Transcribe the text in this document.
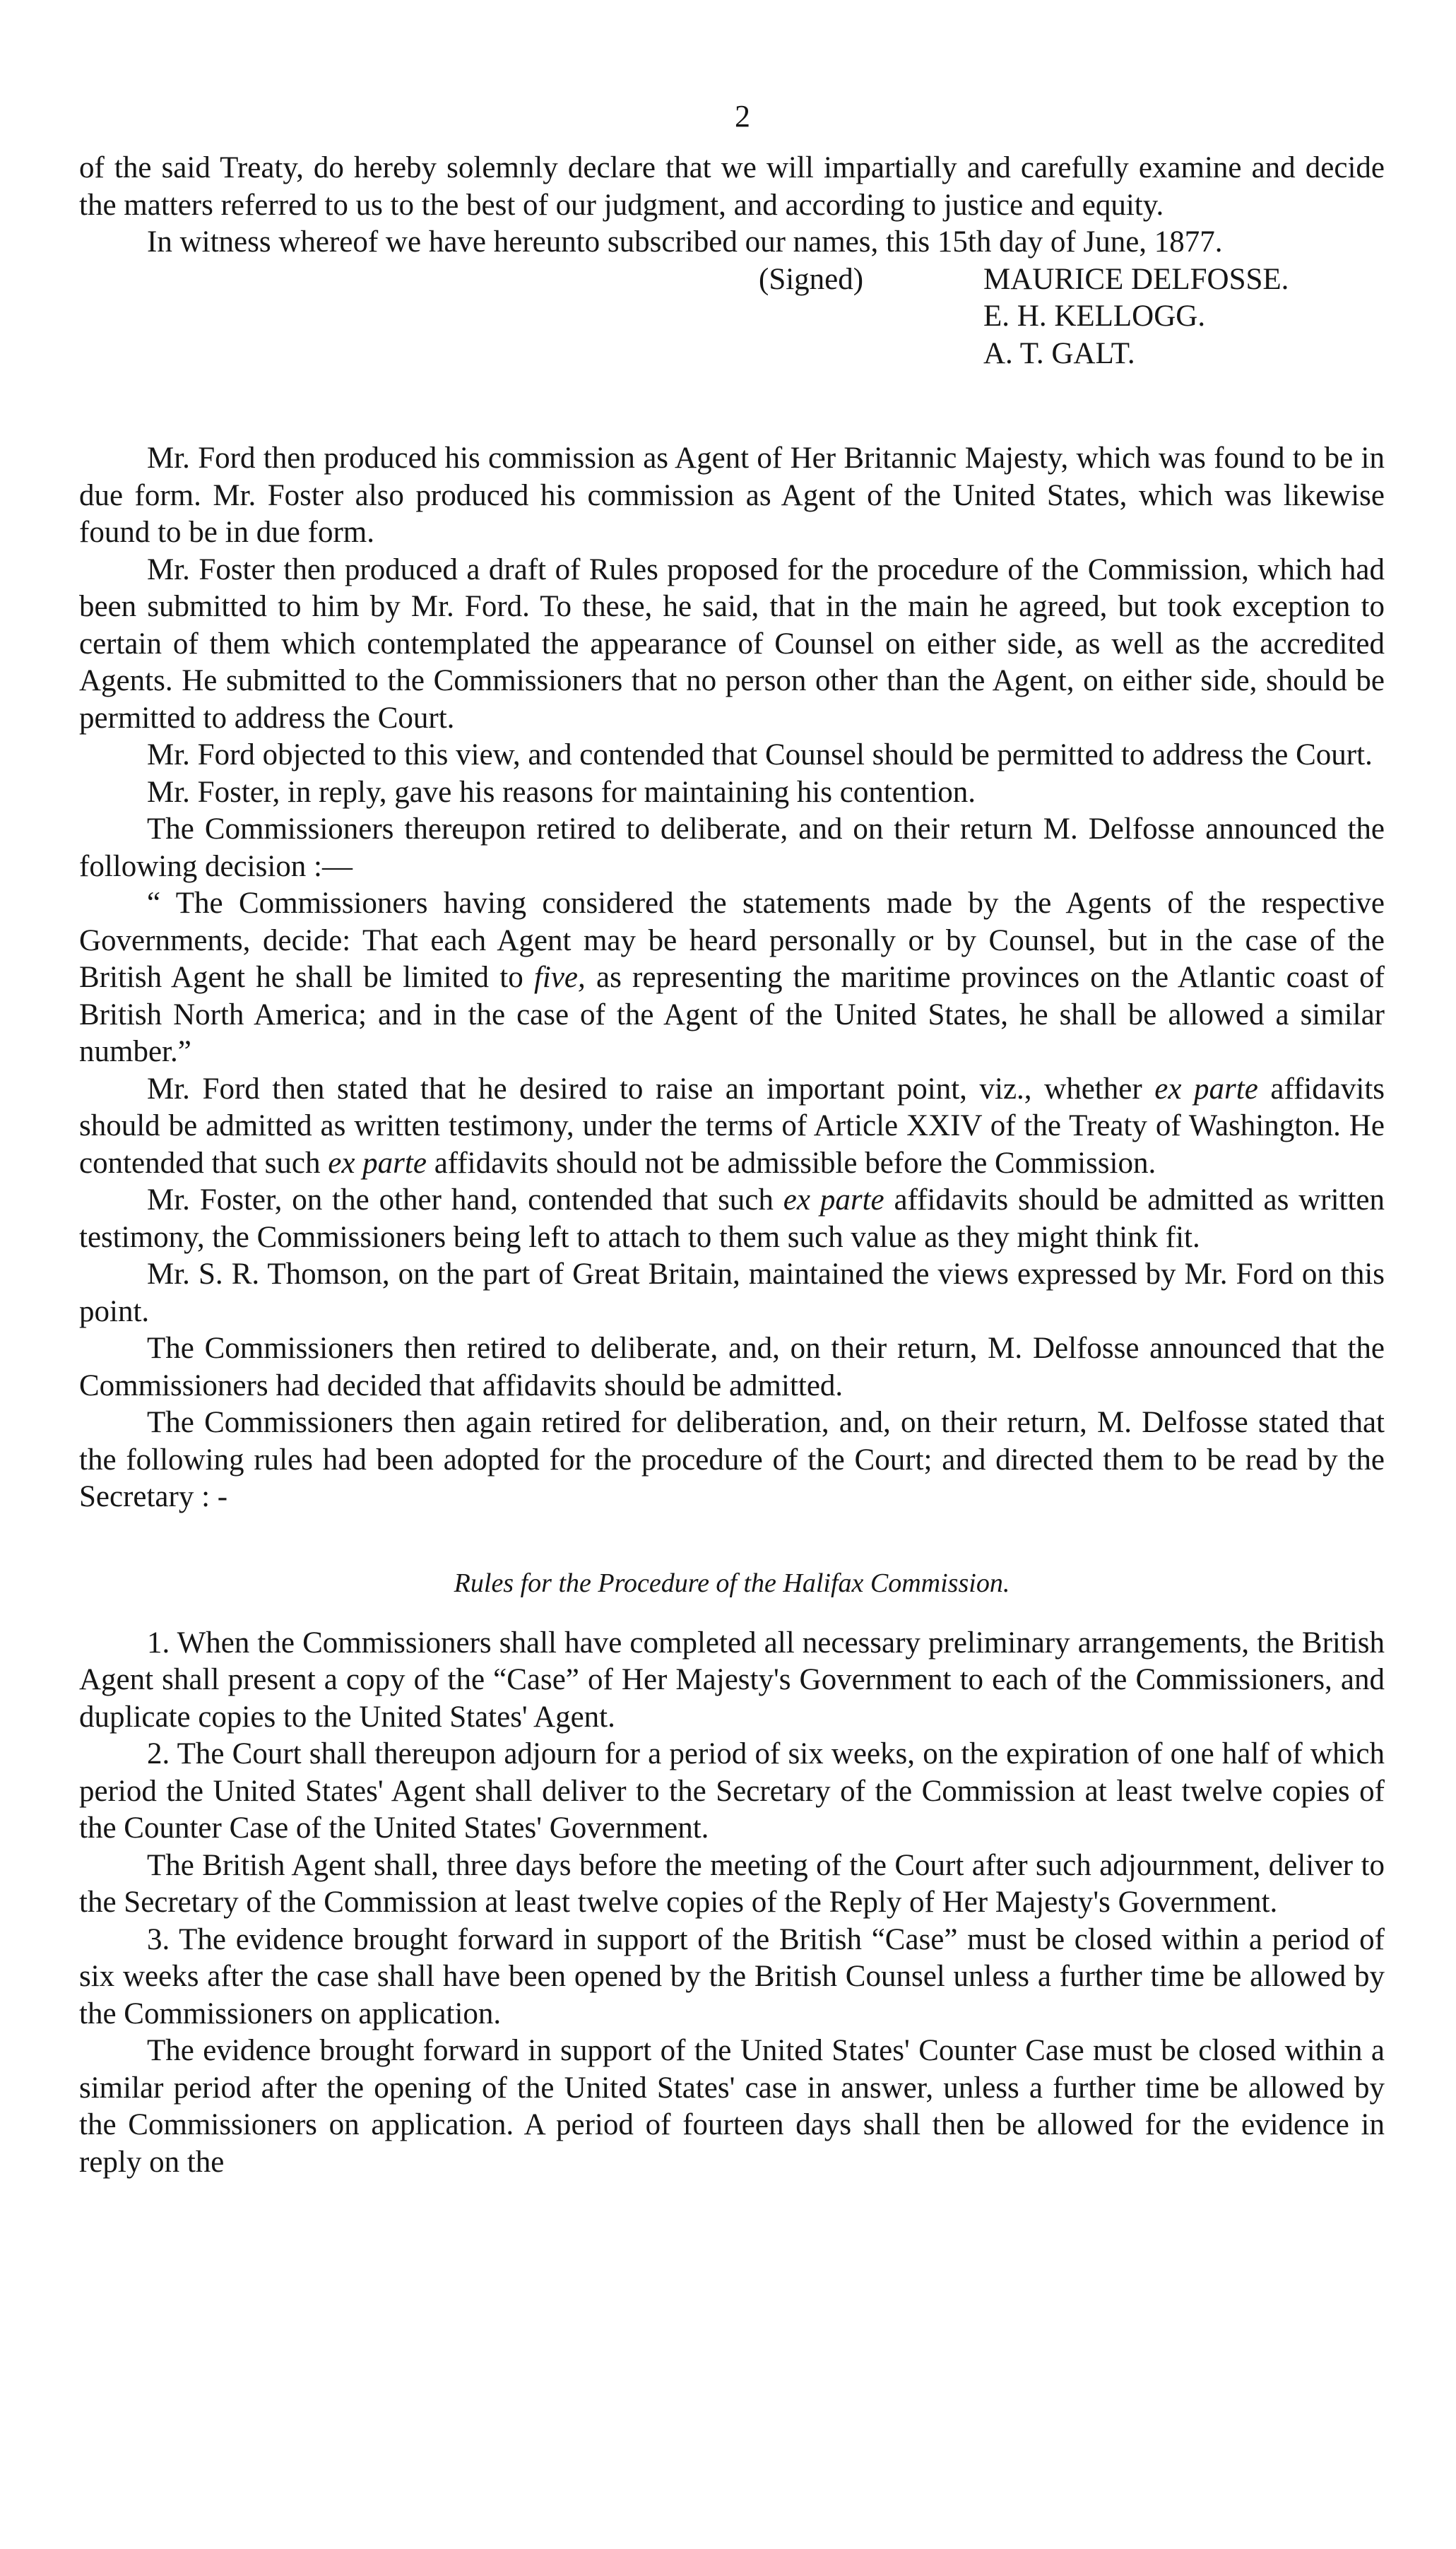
2

of the said Treaty, do hereby solemnly declare that we will impartially and carefully examine and decide the matters referred to us to the best of our judgment, and according to justice and equity.

In witness whereof we have hereunto subscribed our names, this 15th day of June, 1877.

(Signed)	MAURICE DELFOSSE.
E. H. KELLOGG.
A. T. GALT.

Mr. Ford then produced his commission as Agent of Her Britannic Majesty, which was found to be in due form. Mr. Foster also produced his commission as Agent of the United States, which was likewise found to be in due form.

Mr. Foster then produced a draft of Rules proposed for the procedure of the Commission, which had been submitted to him by Mr. Ford. To these, he said, that in the main he agreed, but took exception to certain of them which contemplated the appearance of Counsel on either side, as well as the accredited Agents. He submitted to the Commissioners that no person other than the Agent, on either side, should be permitted to address the Court.

Mr. Ford objected to this view, and contended that Counsel should be permitted to address the Court.

Mr. Foster, in reply, gave his reasons for maintaining his contention.

The Commissioners thereupon retired to deliberate, and on their return M. Delfosse announced the following decision :—

“ The Commissioners having considered the statements made by the Agents of the respective Governments, decide: That each Agent may be heard personally or by Counsel, but in the case of the British Agent he shall be limited to five, as representing the maritime provinces on the Atlantic coast of British North America; and in the case of the Agent of the United States, he shall be allowed a similar number.”

Mr. Ford then stated that he desired to raise an important point, viz., whether ex parte affidavits should be admitted as written testimony, under the terms of Article XXIV of the Treaty of Washington. He contended that such ex parte affidavits should not be admissible before the Commission.

Mr. Foster, on the other hand, contended that such ex parte affidavits should be admitted as written testimony, the Commissioners being left to attach to them such value as they might think fit.

Mr. S. R. Thomson, on the part of Great Britain, maintained the views expressed by Mr. Ford on this point.

The Commissioners then retired to deliberate, and, on their return, M. Delfosse announced that the Commissioners had decided that affidavits should be admitted.

The Commissioners then again retired for deliberation, and, on their return, M. Delfosse stated that the following rules had been adopted for the procedure of the Court; and directed them to be read by the Secretary : -

Rules for the Procedure of the Halifax Commission.

1. When the Commissioners shall have completed all necessary preliminary arrangements, the British Agent shall present a copy of the “Case” of Her Majesty's Government to each of the Commissioners, and duplicate copies to the United States' Agent.

2. The Court shall thereupon adjourn for a period of six weeks, on the expiration of one half of which period the United States' Agent shall deliver to the Secretary of the Commission at least twelve copies of the Counter Case of the United States' Government.

The British Agent shall, three days before the meeting of the Court after such adjournment, deliver to the Secretary of the Commission at least twelve copies of the Reply of Her Majesty's Government.

3. The evidence brought forward in support of the British “Case” must be closed within a period of six weeks after the case shall have been opened by the British Counsel unless a further time be allowed by the Commissioners on application.

The evidence brought forward in support of the United States' Counter Case must be closed within a similar period after the opening of the United States' case in answer, unless a further time be allowed by the Commissioners on application. A period of fourteen days shall then be allowed for the evidence in reply on the
